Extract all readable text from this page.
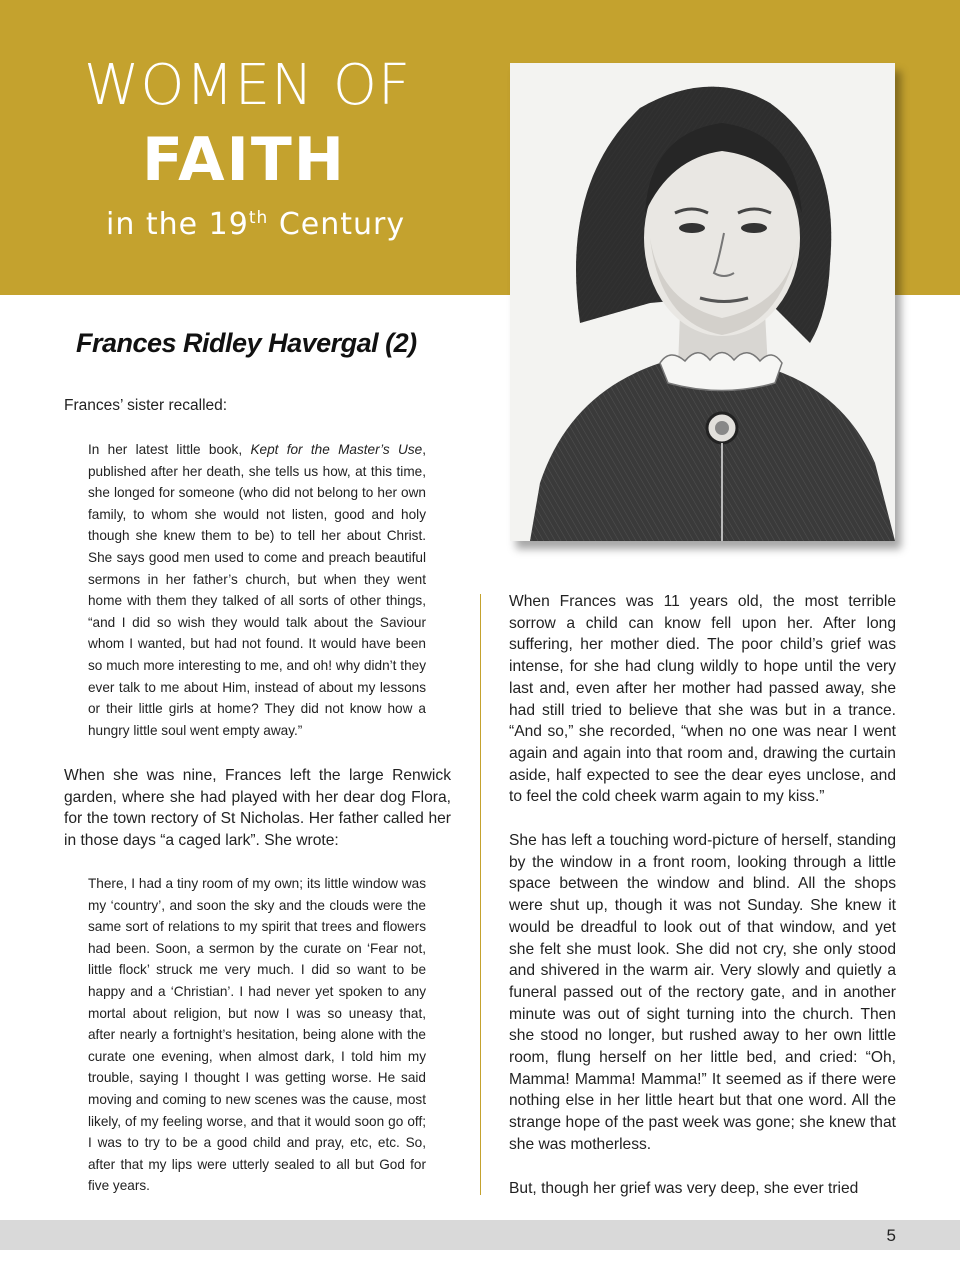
WOMEN OF
FAITH
in the 19th Century
Frances Ridley Havergal (2)
Frances’ sister recalled:

In her latest little book, Kept for the Master’s Use, published after her death, she tells us how, at this time, she longed for someone (who did not belong to her own family, to whom she would not listen, good and holy though she knew them to be) to tell her about Christ. She says good men used to come and preach beautiful sermons in her father’s church, but when they went home with them they talked of all sorts of other things, “and I did so wish they would talk about the Saviour whom I wanted, but had not found. It would have been so much more interesting to me, and oh! why didn’t they ever talk to me about Him, instead of about my lessons or their little girls at home? They did not know how a hungry little soul went empty away.”

When she was nine, Frances left the large Renwick garden, where she had played with her dear dog Flora, for the town rectory of St Nicholas. Her father called her in those days “a caged lark”. She wrote:

There, I had a tiny room of my own; its little window was my ‘country’, and soon the sky and the clouds were the same sort of relations to my spirit that trees and flowers had been. Soon, a sermon by the curate on ‘Fear not, little flock’ struck me very much. I did so want to be happy and a ‘Christian’. I had never yet spoken to any mortal about religion, but now I was so uneasy that, after nearly a fortnight’s hesitation, being alone with the curate one evening, when almost dark, I told him my trouble, saying I thought I was getting worse. He said moving and coming to new scenes was the cause, most likely, of my feeling worse, and that it would soon go off; I was to try to be a good child and pray, etc, etc. So, after that my lips were utterly sealed to all but God for five years.

When Frances was 11 years old, the most terrible sorrow a child can know fell upon her. After long suffering, her mother died. The poor child’s grief was intense, for she had clung wildly to hope until the very last and, even after her mother had passed away, she had still tried to believe that she was but in a trance. “And so,” she recorded, “when no one was near I went again and again into that room and, drawing the curtain aside, half expected to see the dear eyes unclose, and to feel the cold cheek warm again to my kiss.”

She has left a touching word-picture of herself, standing by the window in a front room, looking through a little space between the window and blind. All the shops were shut up, though it was not Sunday. She knew it would be dreadful to look out of that window, and yet she felt she must look. She did not cry, she only stood and shivered in the warm air. Very slowly and quietly a funeral passed out of the rectory gate, and in another minute was out of sight turning into the church. Then she stood no longer, but rushed away to her own little room, flung herself on her little bed, and cried: “Oh, Mamma! Mamma! Mamma!” It seemed as if there were nothing else in her little heart but that one word. All the strange hope of the past week was gone; she knew that she was motherless.

But, though her grief was very deep, she ever tried

5
